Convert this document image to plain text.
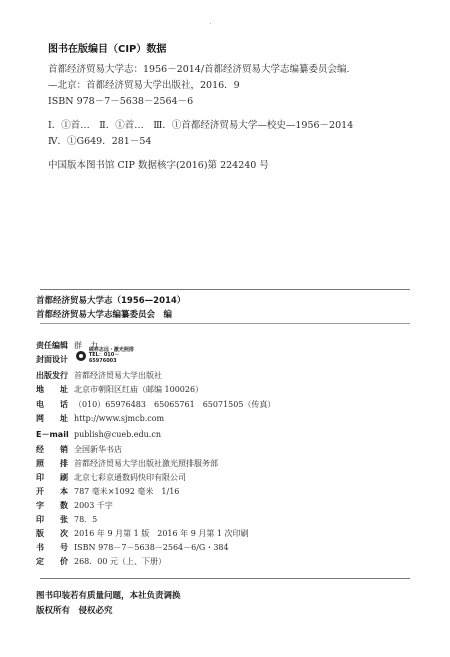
图书在版编目（CIP）数据
首都经济贸易大学志：1956－2014/首都经济贸易大学志编纂委员会编.
—北京：首都经济贸易大学出版社，2016．9
ISBN 978－7－5638－2564－6
Ⅰ．①首…　Ⅱ．①首…　Ⅲ．①首都经济贸易大学—校史—1956－2014
Ⅳ．①G649．281－54
中国版本图书馆 CIP 数据核字(2016)第 224240 号
首都经济贸易大学志（1956—2014）
首都经济贸易大学志编纂委员会　编
责任编辑 群　力
封面设计
砚祥志远・激光照排
TEL：010－65976003
出版发行 首都经济贸易大学出版社
地　　址 北京市朝阳区红庙（邮编 100026）
电　　话 （010）65976483　65065761　65071505（传真）
网　　址 http://www.sjmcb.com
E－mail publish@cueb.edu.cn
经　　销 全国新华书店
照　　排 首都经济贸易大学出版社激光照排服务部
印　　刷 北京七彩京通数码快印有限公司
开　　本 787 毫米×1092 毫米　1/16
字　　数 2003 千字
印　　张 78．5
版　　次 2016 年 9 月第 1 版　2016 年 9 月第 1 次印刷
书　　号 ISBN 978－7－5638－2564－6/G・384
定　　价 268．00 元（上、下册）
图书印装若有质量问题，本社负责调换
版权所有　侵权必究
